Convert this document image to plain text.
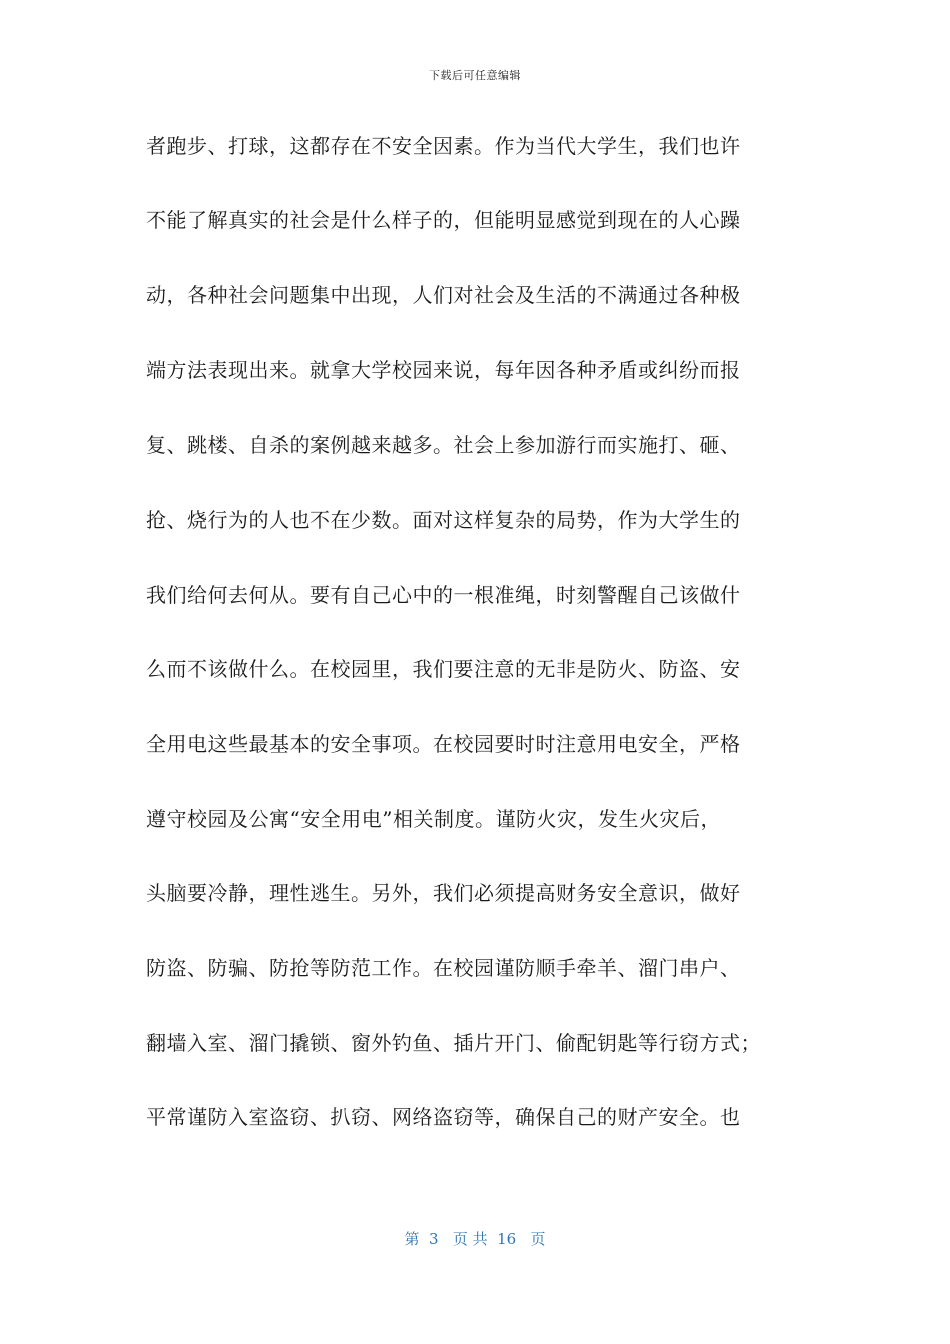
下载后可任意编辑
者跑步、打球，这都存在不安全因素。作为当代大学生，我们也许
不能了解真实的社会是什么样子的，但能明显感觉到现在的人心躁
动，各种社会问题集中出现，人们对社会及生活的不满通过各种极
端方法表现出来。就拿大学校园来说，每年因各种矛盾或纠纷而报
复、跳楼、自杀的案例越来越多。社会上参加游行而实施打、砸、
抢、烧行为的人也不在少数。面对这样复杂的局势，作为大学生的
我们给何去何从。要有自己心中的一根准绳，时刻警醒自己该做什
么而不该做什么。在校园里，我们要注意的无非是防火、防盗、安
全用电这些最基本的安全事项。在校园要时时注意用电安全，严格
遵守校园及公寓“安全用电”相关制度。谨防火灾，发生火灾后，
头脑要冷静，理性逃生。另外，我们必须提高财务安全意识，做好
防盗、防骗、防抢等防范工作。在校园谨防顺手牵羊、溜门串户、
翻墙入室、溜门撬锁、窗外钓鱼、插片开门、偷配钥匙等行窃方式；
平常谨防入室盗窃、扒窃、网络盗窃等，确保自己的财产安全。也
第  3   页 共  16   页
